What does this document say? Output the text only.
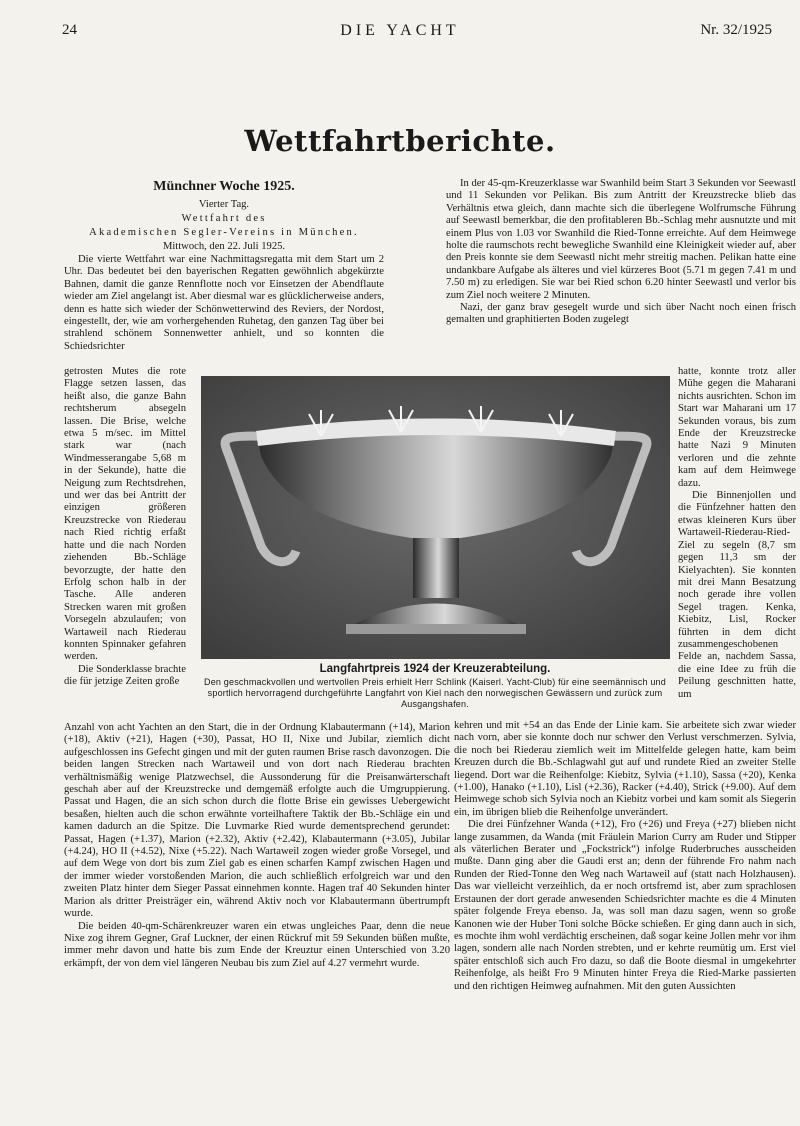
24	DIE YACHT	Nr. 32/1925
Wettfahrtberichte.
Münchner Woche 1925.

Vierter Tag.

Wettfahrt des

Akademischen Segler-Vereins in München.

Mittwoch, den 22. Juli 1925.

Die vierte Wettfahrt war eine Nachmittagsregatta mit dem Start um 2 Uhr. Das bedeutet bei den bayerischen Regatten gewöhnlich abgekürzte Bahnen, damit die ganze Rennflotte noch vor Einsetzen der Abendflaute wieder am Ziel angelangt ist. Aber diesmal war es glücklicherweise anders, denn es hatte sich wieder der Schönwetterwind des Reviers, der Nordost, eingestellt, der, wie am vorhergehenden Ruhetag, den ganzen Tag über bei strahlend schönem Sonnenwetter anhielt, und so konnten die Schiedsrichter

getrosten Mutes die rote Flagge setzen lassen, das heißt also, die ganze Bahn rechtsherum absegeln lassen. Die Brise, welche etwa 5 m/sec. im Mittel stark war (nach Windmesserangabe 5,68 m in der Sekunde), hatte die Neigung zum Rechtsdrehen, und wer das bei Antritt der einzigen größeren Kreuzstrecke von Riederau nach Ried richtig erfaßt hatte und die nach Norden ziehenden Bb.-Schläge bevorzugte, der hatte den Erfolg schon halb in der Tasche. Alle anderen Strecken waren mit großen Vorsegeln abzulaufen; von Wartaweil nach Riederau konnten Spinnaker gefahren werden.

Die Sonderklasse brachte die für jetzige Zeiten große

In der 45-qm-Kreuzerklasse war Swanhild beim Start 3 Sekunden vor Seewastl und 11 Sekunden vor Pelikan. Bis zum Antritt der Kreuzstrecke blieb das Verhältnis etwa gleich, dann machte sich die überlegene Wolfrumsche Führung auf Seewastl bemerkbar, die den profitableren Bb.-Schlag mehr ausnutzte und mit einem Plus von 1.03 vor Swanhild die Ried-Tonne erreichte. Auf dem Heimwege holte die raumschots recht bewegliche Swanhild eine Kleinigkeit wieder auf, aber den Preis konnte sie dem Seewastl nicht mehr streitig machen. Pelikan hatte eine undankbare Aufgabe als älteres und viel kürzeres Boot (5.71 m gegen 7.41 m und 7.50 m) zu erledigen. Sie war bei Ried schon 6.20 hinter Seewastl und verlor bis zum Ziel noch weitere 2 Minuten.

Nazi, der ganz brav gesegelt wurde und sich über Nacht noch einen frisch gemalten und graphitierten Boden zugelegt

hatte, konnte trotz aller Mühe gegen die Maharani nichts ausrichten. Schon im Start war Maharani um 17 Sekunden voraus, bis zum Ende der Kreuzstrecke hatte Nazi 9 Minuten verloren und die zehnte kam auf dem Heimwege dazu.

Die Binnenjollen und die Fünfzehner hatten den etwas kleineren Kurs über Wartaweil-Riederau-Ried-Ziel zu segeln (8,7 sm gegen 11,3 sm der Kielyachten). Sie konnten mit drei Mann Besatzung noch gerade ihre vollen Segel tragen. Kenka, Kiebitz, Lisl, Rocker führten in dem dicht zusammengeschobenen Felde an, nachdem Sassa, die eine Idee zu früh die Peilung geschnitten hatte, um

Langfahrtpreis 1924 der Kreuzerabteilung.
Den geschmackvollen und wertvollen Preis erhielt Herr Schlink (Kaiserl. Yacht-Club) für eine seemännisch und sportlich hervorragend durchgeführte Langfahrt von Kiel nach den norwegischen Gewässern und zurück zum Ausgangshafen.

Anzahl von acht Yachten an den Start, die in der Ordnung Klabautermann (+14), Marion (+18), Aktiv (+21), Hagen (+30), Passat, HO II, Nixe und Jubilar, ziemlich dicht aufgeschlossen ins Gefecht gingen und mit der guten raumen Brise rasch davonzogen. Die beiden langen Strecken nach Wartaweil und von dort nach Riederau brachten verhältnismäßig wenige Platzwechsel, die Aussonderung für die Preisanwärterschaft geschah aber auf der Kreuzstrecke und demgemäß erfolgte auch die Umgruppierung. Passat und Hagen, die an sich schon durch die flotte Brise ein gewisses Uebergewicht besaßen, hielten auch die schon erwähnte vorteilhaftere Taktik der Bb.-Schläge ein und kamen dadurch an die Spitze. Die Luvmarke Ried wurde dementsprechend gerundet: Passat, Hagen (+1.37), Marion (+2.32), Aktiv (+2.42), Klabautermann (+3.05), Jubilar (+4.24), HO II (+4.52), Nixe (+5.22). Nach Wartaweil zogen wieder große Vorsegel, und auf dem Wege von dort bis zum Ziel gab es einen scharfen Kampf zwischen Hagen und der immer wieder vorstoßenden Marion, die auch schließlich erfolgreich war und den zweiten Platz hinter dem Sieger Passat einnehmen konnte. Hagen traf 40 Sekunden hinter Marion als dritter Preisträger ein, während Aktiv noch vor Klabautermann übertrumpft wurde.

Die beiden 40-qm-Schärenkreuzer waren ein etwas ungleiches Paar, denn die neue Nixe zog ihrem Gegner, Graf Luckner, der einen Rückruf mit 59 Sekunden büßen mußte, immer mehr davon und hatte bis zum Ende der Kreuztur einen Unterschied von 3.20 erkämpft, der von dem viel längeren Neubau bis zum Ziel auf 4.27 vermehrt wurde.

kehren und mit +54 an das Ende der Linie kam. Sie arbeitete sich zwar wieder nach vorn, aber sie konnte doch nur schwer den Verlust verschmerzen. Sylvia, die noch bei Riederau ziemlich weit im Mittelfelde gelegen hatte, kam beim Kreuzen durch die Bb.-Schlagwahl gut auf und rundete Ried an zweiter Stelle liegend. Dort war die Reihenfolge: Kiebitz, Sylvia (+1.10), Sassa (+20), Kenka (+1.00), Hanako (+1.10), Lisl (+2.36), Racker (+4.40), Strick (+9.00). Auf dem Heimwege schob sich Sylvia noch an Kiebitz vorbei und kam somit als Siegerin ein, im übrigen blieb die Reihenfolge unverändert.

Die drei Fünfzehner Wanda (+12), Fro (+26) und Freya (+27) blieben nicht lange zusammen, da Wanda (mit Fräulein Marion Curry am Ruder und Stipper als väterlichen Berater und „Fockstrick“) infolge Ruderbruches ausscheiden mußte. Dann ging aber die Gaudi erst an; denn der führende Fro nahm nach Runden der Ried-Tonne den Weg nach Wartaweil auf (statt nach Holzhausen). Das war vielleicht verzeihlich, da er noch ortsfremd ist, aber zum sprachlosen Erstaunen der dort gerade anwesenden Schiedsrichter machte es die 4 Minuten später folgende Freya ebenso. Ja, was soll man dazu sagen, wenn so große Kanonen wie der Huber Toni solche Böcke schießen. Er ging dann auch in sich, es mochte ihm wohl verdächtig erscheinen, daß sogar keine Jollen mehr vor ihm lagen, sondern alle nach Norden strebten, und er kehrte reumütig um. Erst viel später entschloß sich auch Fro dazu, so daß die Boote diesmal in umgekehrter Reihenfolge, als heißt Fro 9 Minuten hinter Freya die Ried-Marke passierten und den richtigen Heimweg aufnahmen. Mit den guten Aussichten
